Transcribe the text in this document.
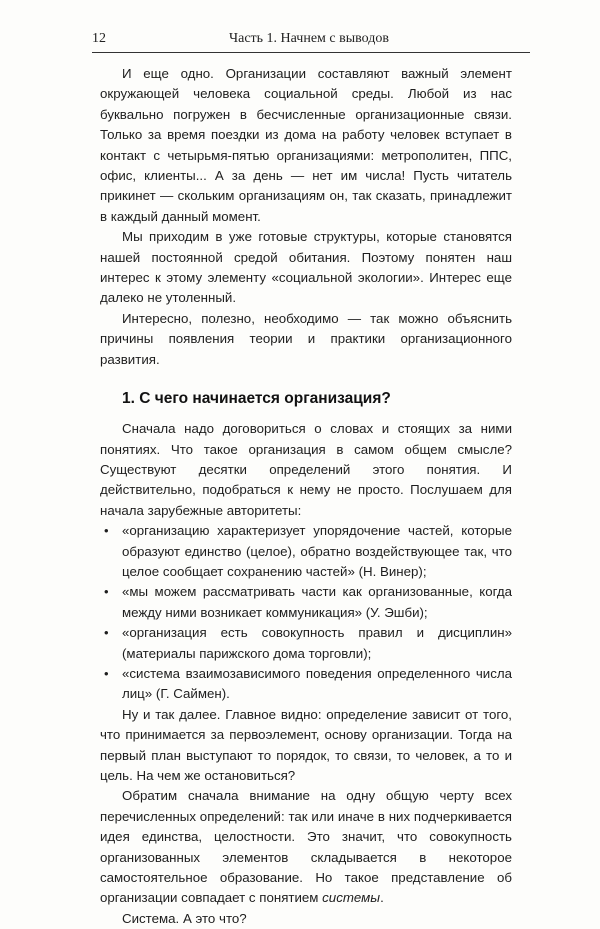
12	Часть 1. Начнем с выводов

И еще одно. Организации составляют важный элемент окружающей человека социальной среды. Любой из нас буквально погружен в бесчисленные организационные связи. Только за время поездки из дома на работу человек вступает в контакт с четырьмя-пятью организациями: метрополитен, ППС, офис, клиенты... А за день — нет им числа! Пусть читатель прикинет — скольким организациям он, так сказать, принадлежит в каждый данный момент.

Мы приходим в уже готовые структуры, которые становятся нашей постоянной средой обитания. Поэтому понятен наш интерес к этому элементу «социальной экологии». Интерес еще далеко не утоленный.

Интересно, полезно, необходимо — так можно объяснить причины появления теории и практики организационного развития.

1. С чего начинается организация?

Сначала надо договориться о словах и стоящих за ними понятиях. Что такое организация в самом общем смысле? Существуют десятки определений этого понятия. И действительно, подобраться к нему не просто. Послушаем для начала зарубежные авторитеты:

• «организацию характеризует упорядочение частей, которые образуют единство (целое), обратно воздействующее так, что целое сообщает сохранению частей» (Н. Винер);
• «мы можем рассматривать части как организованные, когда между ними возникает коммуникация» (У. Эшби);
• «организация есть совокупность правил и дисциплин» (материалы парижского дома торговли);
• «система взаимозависимого поведения определенного числа лиц» (Г. Саймен).

Ну и так далее. Главное видно: определение зависит от того, что принимается за первоэлемент, основу организации. Тогда на первый план выступают то порядок, то связи, то человек, а то и цель. На чем же остановиться?

Обратим сначала внимание на одну общую черту всех перечисленных определений: так или иначе в них подчеркивается идея единства, целостности. Это значит, что совокупность организованных элементов складывается в некоторое самостоятельное образование. Но такое представление об организации совпадает с понятием системы.

Система. А это что?
